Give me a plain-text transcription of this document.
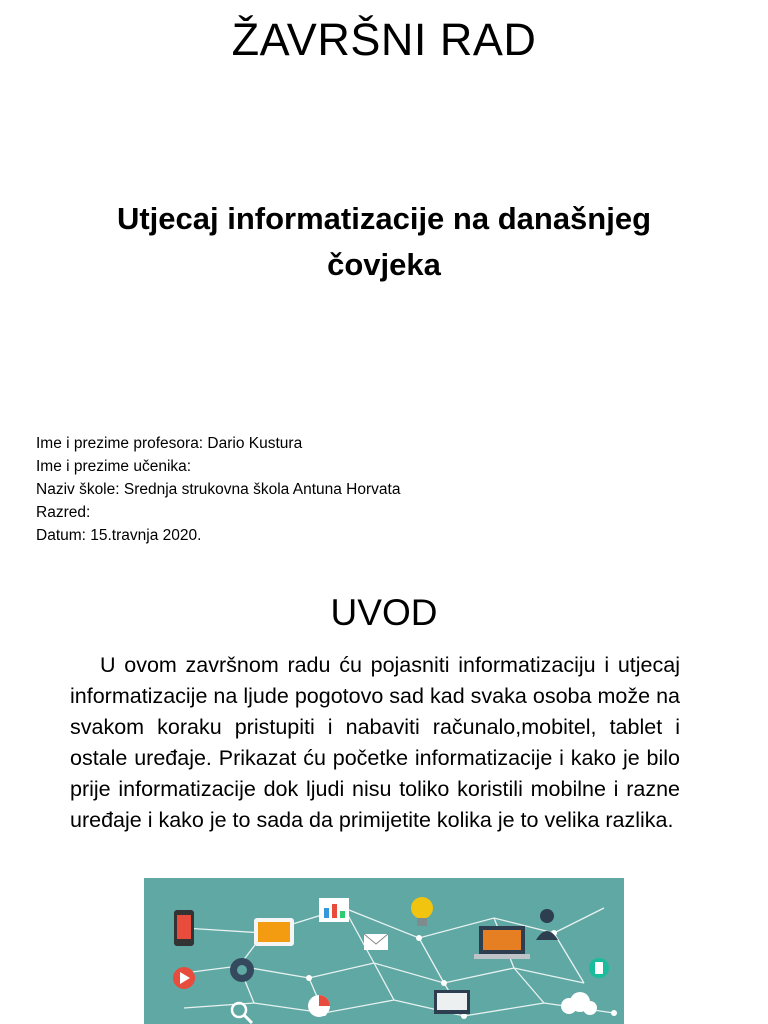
ŽAVRŠNI RAD
Utjecaj informatizacije na današnjeg čovjeka
Ime i prezime profesora: Dario Kustura
Ime i prezime učenika:
Naziv škole: Srednja strukovna škola Antuna Horvata
Razred:
Datum: 15.travnja 2020.
UVOD

U ovom završnom radu ću pojasniti informatizaciju i utjecaj informatizacije na ljude pogotovo sad kad svaka osoba može na svakom koraku pristupiti i nabaviti računalo,mobitel, tablet i ostale uređaje. Prikazat ću početke informatizacije i kako je bilo prije informatizacije dok ljudi nisu toliko koristili mobilne i razne uređaje i kako je to sada da primijetite kolika je to velika razlika.
